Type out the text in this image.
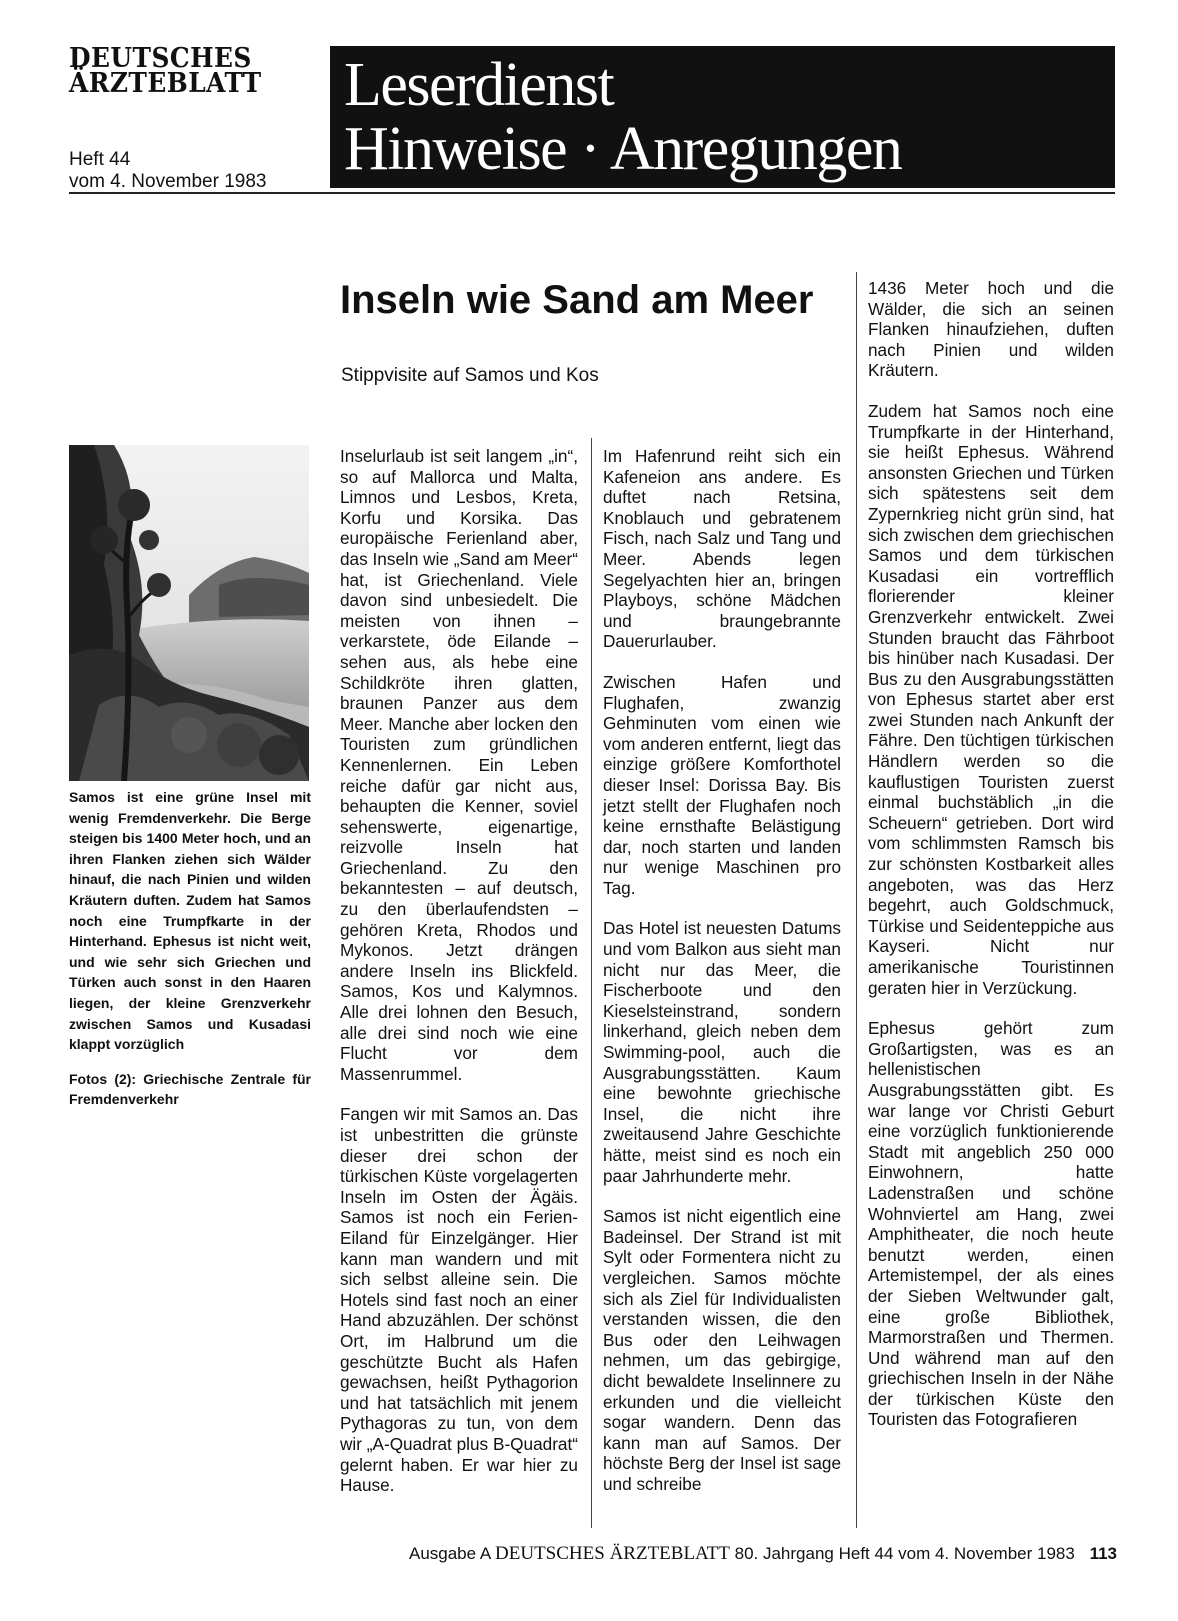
DEUTSCHES
ÄRZTEBLATT
Heft 44
vom 4. November 1983
Leserdienst
Hinweise · Anregungen
Inseln wie Sand am Meer
Stippvisite auf Samos und Kos

Samos ist eine grüne Insel mit wenig Fremdenverkehr. Die Berge steigen bis 1400 Meter hoch, und an ihren Flanken ziehen sich Wälder hinauf, die nach Pinien und wilden Kräutern duften. Zudem hat Samos noch eine Trumpfkarte in der Hinterhand. Ephesus ist nicht weit, und wie sehr sich Griechen und Türken auch sonst in den Haaren liegen, der kleine Grenzverkehr zwischen Samos und Kusadasi klappt vorzüglich

Fotos (2): Griechische Zentrale für Fremdenverkehr

Inselurlaub ist seit langem „in“, so auf Mallorca und Malta, Limnos und Lesbos, Kreta, Korfu und Korsika. Das europäische Ferienland aber, das Inseln wie „Sand am Meer“ hat, ist Griechenland. Viele davon sind unbesiedelt. Die meisten von ihnen – verkarstete, öde Eilande – sehen aus, als hebe eine Schildkröte ihren glatten, braunen Panzer aus dem Meer. Manche aber locken den Touristen zum gründlichen Kennenlernen. Ein Leben reiche dafür gar nicht aus, behaupten die Kenner, soviel sehenswerte, eigenartige, reizvolle Inseln hat Griechenland. Zu den bekanntesten – auf deutsch, zu den überlaufendsten – gehören Kreta, Rhodos und Mykonos. Jetzt drängen andere Inseln ins Blickfeld. Samos, Kos und Kalymnos. Alle drei lohnen den Besuch, alle drei sind noch wie eine Flucht vor dem Massenrummel.

Fangen wir mit Samos an. Das ist unbestritten die grünste dieser drei schon der türkischen Küste vorgelagerten Inseln im Osten der Ägäis. Samos ist noch ein Ferien-Eiland für Einzelgänger. Hier kann man wandern und mit sich selbst alleine sein. Die Hotels sind fast noch an einer Hand abzuzählen. Der schönst Ort, im Halbrund um die geschützte Bucht als Hafen gewachsen, heißt Pythagorion und hat tatsächlich mit jenem Pythagoras zu tun, von dem wir „A-Quadrat plus B-Quadrat“ gelernt haben. Er war hier zu Hause.

Im Hafenrund reiht sich ein Kafeneion ans andere. Es duftet nach Retsina, Knoblauch und gebratenem Fisch, nach Salz und Tang und Meer. Abends legen Segelyachten hier an, bringen Playboys, schöne Mädchen und braungebrannte Dauerurlauber.

Zwischen Hafen und Flughafen, zwanzig Gehminuten vom einen wie vom anderen entfernt, liegt das einzige größere Komforthotel dieser Insel: Dorissa Bay. Bis jetzt stellt der Flughafen noch keine ernsthafte Belästigung dar, noch starten und landen nur wenige Maschinen pro Tag.

Das Hotel ist neuesten Datums und vom Balkon aus sieht man nicht nur das Meer, die Fischerboote und den Kieselsteinstrand, sondern linkerhand, gleich neben dem Swimming-pool, auch die Ausgrabungsstätten. Kaum eine bewohnte griechische Insel, die nicht ihre zweitausend Jahre Geschichte hätte, meist sind es noch ein paar Jahrhunderte mehr.

Samos ist nicht eigentlich eine Badeinsel. Der Strand ist mit Sylt oder Formentera nicht zu vergleichen. Samos möchte sich als Ziel für Individualisten verstanden wissen, die den Bus oder den Leihwagen nehmen, um das gebirgige, dicht bewaldete Inselinnere zu erkunden und die vielleicht sogar wandern. Denn das kann man auf Samos. Der höchste Berg der Insel ist sage und schreibe

1436 Meter hoch und die Wälder, die sich an seinen Flanken hinaufziehen, duften nach Pinien und wilden Kräutern.

Zudem hat Samos noch eine Trumpfkarte in der Hinterhand, sie heißt Ephesus. Während ansonsten Griechen und Türken sich spätestens seit dem Zypernkrieg nicht grün sind, hat sich zwischen dem griechischen Samos und dem türkischen Kusadasi ein vortrefflich florierender kleiner Grenzverkehr entwickelt. Zwei Stunden braucht das Fährboot bis hinüber nach Kusadasi. Der Bus zu den Ausgrabungsstätten von Ephesus startet aber erst zwei Stunden nach Ankunft der Fähre. Den tüchtigen türkischen Händlern werden so die kauflustigen Touristen zuerst einmal buchstäblich „in die Scheuern“ getrieben. Dort wird vom schlimmsten Ramsch bis zur schönsten Kostbarkeit alles angeboten, was das Herz begehrt, auch Goldschmuck, Türkise und Seidenteppiche aus Kayseri. Nicht nur amerikanische Touristinnen geraten hier in Verzückung.

Ephesus gehört zum Großartigsten, was es an hellenistischen Ausgrabungsstätten gibt. Es war lange vor Christi Geburt eine vorzüglich funktionierende Stadt mit angeblich 250 000 Einwohnern, hatte Ladenstraßen und schöne Wohnviertel am Hang, zwei Amphitheater, die noch heute benutzt werden, einen Artemistempel, der als eines der Sieben Weltwunder galt, eine große Bibliothek, Marmorstraßen und Thermen. Und während man auf den griechischen Inseln in der Nähe der türkischen Küste den Touristen das Fotografieren

Ausgabe A DEUTSCHES ÄRZTEBLATT 80. Jahrgang Heft 44 vom 4. November 1983 113
